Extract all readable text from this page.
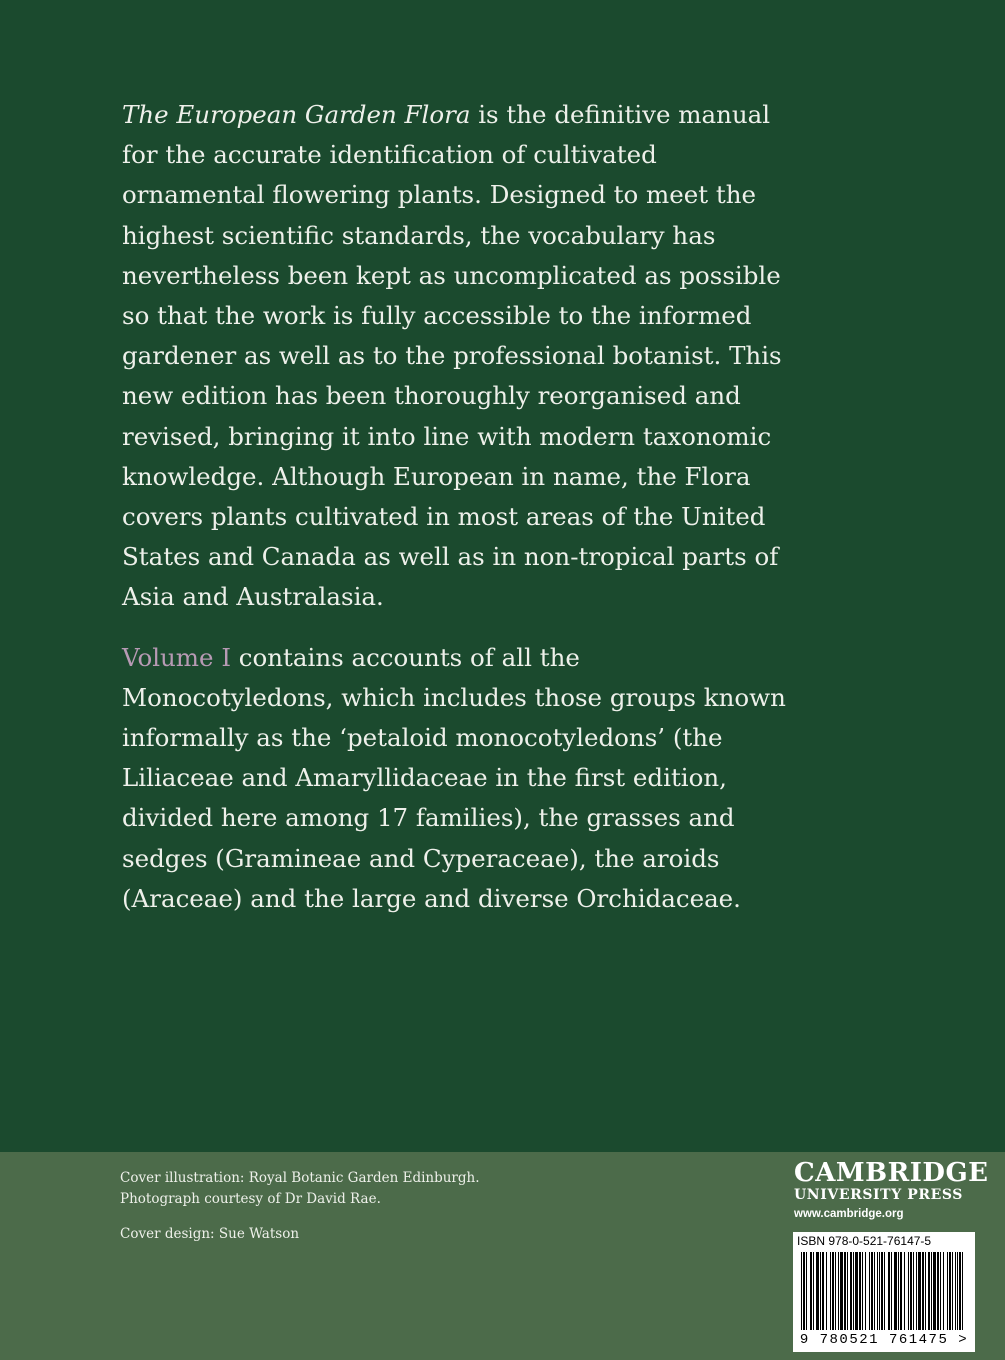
The European Garden Flora is the definitive manual for the accurate identification of cultivated ornamental flowering plants. Designed to meet the highest scientific standards, the vocabulary has nevertheless been kept as uncomplicated as possible so that the work is fully accessible to the informed gardener as well as to the professional botanist. This new edition has been thoroughly reorganised and revised, bringing it into line with modern taxonomic knowledge. Although European in name, the Flora covers plants cultivated in most areas of the United States and Canada as well as in non-tropical parts of Asia and Australasia.

Volume I contains accounts of all the Monocotyledons, which includes those groups known informally as the ‘petaloid monocotyledons’ (the Liliaceae and Amaryllidaceae in the first edition, divided here among 17 families), the grasses and sedges (Gramineae and Cyperaceae), the aroids (Araceae) and the large and diverse Orchidaceae.

Cover illustration: Royal Botanic Garden Edinburgh.
Photograph courtesy of Dr David Rae.
Cover design: Sue Watson
CAMBRIDGE
UNIVERSITY PRESS
www.cambridge.org
ISBN 978-0-521-76147-5
9 780521 761475 >
